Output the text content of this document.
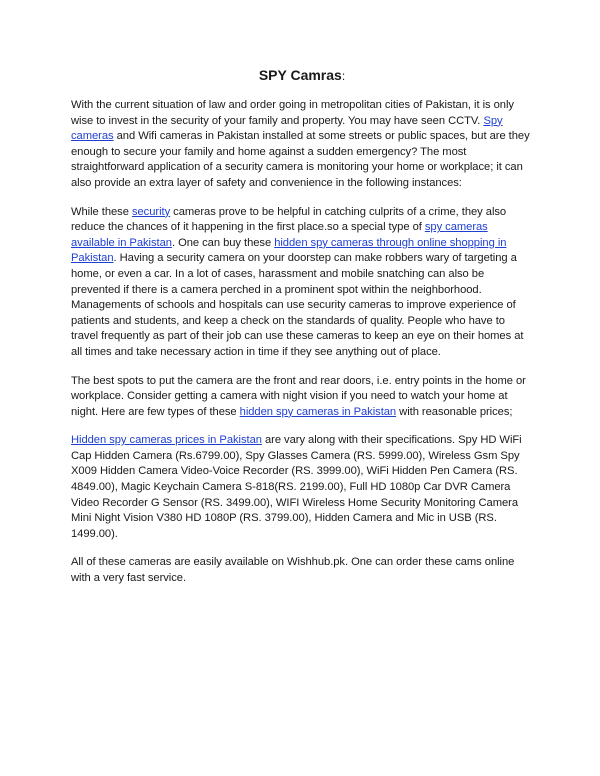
SPY Camras:

With the current situation of law and order going in metropolitan cities of Pakistan, it is only wise to invest in the security of your family and property. You may have seen CCTV. Spy cameras and Wifi cameras in Pakistan installed at some streets or public spaces, but are they enough to secure your family and home against a sudden emergency? The most straightforward application of a security camera is monitoring your home or workplace; it can also provide an extra layer of safety and convenience in the following instances:

While these security cameras prove to be helpful in catching culprits of a crime, they also reduce the chances of it happening in the first place.so a special type of spy cameras available in Pakistan. One can buy these hidden spy cameras through online shopping in Pakistan. Having a security camera on your doorstep can make robbers wary of targeting a home, or even a car. In a lot of cases, harassment and mobile snatching can also be prevented if there is a camera perched in a prominent spot within the neighborhood. Managements of schools and hospitals can use security cameras to improve experience of patients and students, and keep a check on the standards of quality. People who have to travel frequently as part of their job can use these cameras to keep an eye on their homes at all times and take necessary action in time if they see anything out of place.

The best spots to put the camera are the front and rear doors, i.e. entry points in the home or workplace. Consider getting a camera with night vision if you need to watch your home at night. Here are few types of these hidden spy cameras in Pakistan with reasonable prices;

Hidden spy cameras prices in Pakistan are vary along with their specifications. Spy HD WiFi Cap Hidden Camera (Rs.6799.00), Spy Glasses Camera (RS. 5999.00), Wireless Gsm Spy X009 Hidden Camera Video-Voice Recorder (RS. 3999.00), WiFi Hidden Pen Camera (RS. 4849.00), Magic Keychain Camera S-818(RS. 2199.00), Full HD 1080p Car DVR Camera Video Recorder G Sensor (RS. 3499.00), WIFI Wireless Home Security Monitoring Camera Mini Night Vision V380 HD 1080P (RS. 3799.00), Hidden Camera and Mic in USB (RS. 1499.00).

All of these cameras are easily available on Wishhub.pk. One can order these cams online with a very fast service.
